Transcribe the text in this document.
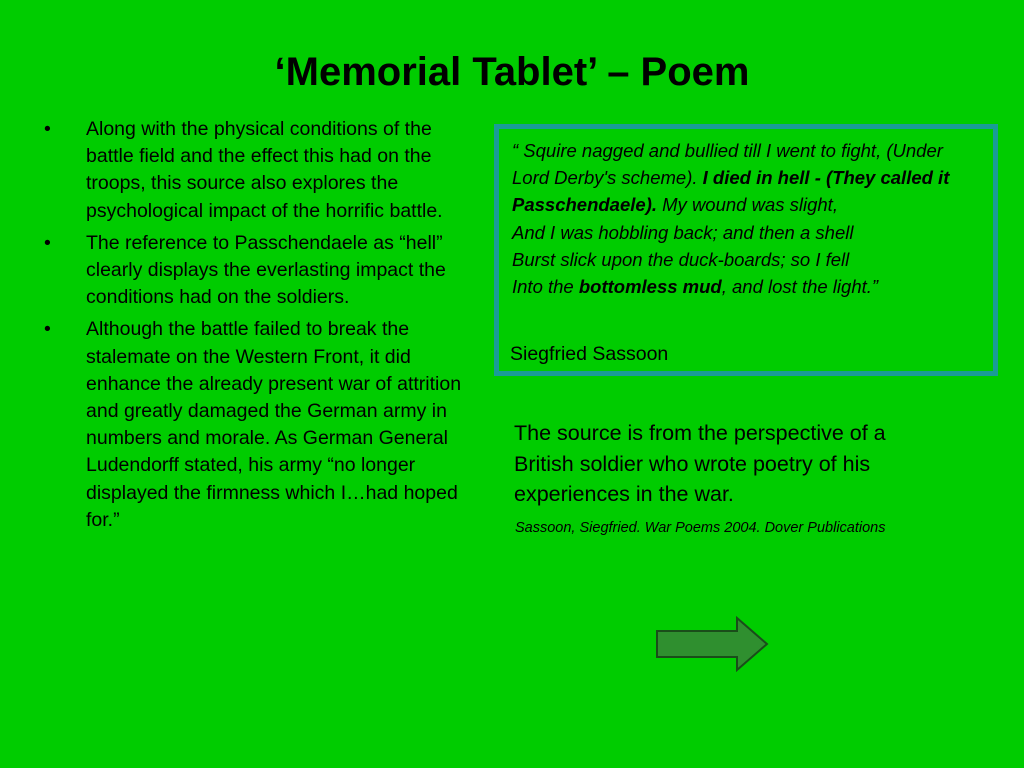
‘Memorial Tablet’ – Poem
• Along with the physical conditions of the battle field and the effect this had on the troops, this source also explores the psychological impact of the horrific battle.
• The reference to Passchendaele as “hell” clearly displays the everlasting impact the conditions had on the soldiers.
• Although the battle failed to break the stalemate on the Western Front, it did enhance the already present war of attrition and greatly damaged the German army in numbers and morale. As German General Ludendorff stated, his army “no longer displayed the firmness which I…had hoped for.”
“ Squire nagged and bullied till I went to fight, (Under Lord Derby's scheme). I died in hell - (They called it Passchendaele). My wound was slight,
And I was hobbling back; and then a shell
Burst slick upon the duck-boards; so I fell
Into the bottomless mud, and lost the light.”
Siegfried Sassoon
The source is from the perspective of a British soldier who wrote poetry of his experiences in the war.
Sassoon, Siegfried. War Poems 2004. Dover Publications
